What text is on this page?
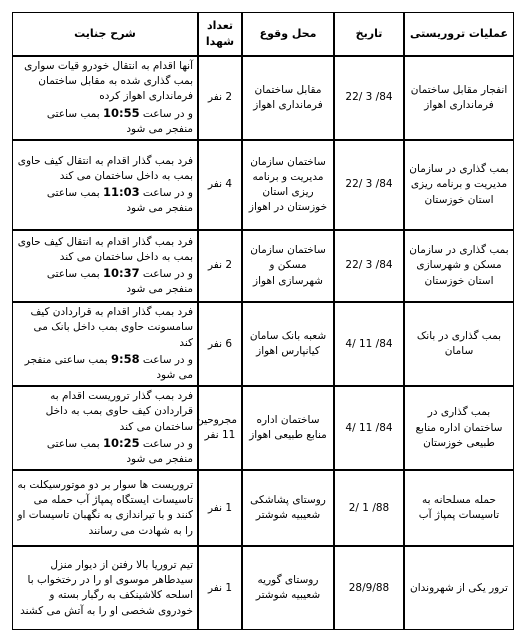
عملیات تروریستی	تاریخ	محل وقوع	تعداد شهدا	شرح جنایت
انفجار مقابل ساختمان فرمانداری اهواز	22/ 3 /84	مقابل ساختمان فرمانداری اهواز	2 نفر	آنها اقدام به انتقال خودرو قیات سواری بمب گذاری شده به مقابل ساختمان فرمانداری اهواز کرده
و در ساعت 10:55 بمب ساعتی منفجر می شود

بمب گذاری در سازمان مدیریت و برنامه ریزی استان خوزستان	22/ 3 /84	ساختمان سازمان مدیریت و برنامه ریزی استان خوزستان در اهواز	4 نفر	فرد بمب گذار اقدام به انتقال کیف حاوی بمب به داخل ساختمان می کند
و در ساعت 11:03 بمب ساعتی منفجر می شود

بمب گذاری در سازمان مسکن و شهرسازی استان خوزستان	22/ 3 /84	ساختمان سازمان مسکن و شهرسازی اهواز	2 نفر	فرد بمب گذار اقدام به انتقال کیف حاوی بمب به داخل ساختمان می کند
و در ساعت 10:37 بمب ساعتی منفجر می شود

بمب گذاری در بانک سامان	4/ 11 /84	شعبه بانک سامان کیانپارس اهواز	6 نفر	فرد بمب گذار اقدام به قراردادن کیف سامسونت حاوی بمب داخل بانک می کند
و در ساعت 9:58 بمب ساعتی منفجر می شود

بمب گذاری در ساختمان اداره منابع طبیعی خوزستان	4/ 11 /84	ساختمان اداره منابع طبیعی اهواز	مجروحین 11 نفر	فرد بمب گذار تروریست اقدام به قراردادن کیف حاوی بمب به داخل ساختمان می کند
و در ساعت 10:25 بمب ساعتی منفجر می شود

حمله مسلحانه به تاسیسات پمپاژ آب	2/ 1 /88	روستای پشاشکی شعیبیه شوشتر	1 نفر	تروریست ها سوار بر دو موتورسیکلت به تاسیسات ایستگاه پمپاژ آب حمله می کنند و با تیراندازی به نگهبان تاسیسات او را به شهادت می رسانند

ترور یکی از شهروندان	28/9/88	روستای گوریه شعیبیه شوشتر	1 نفر	تیم تروریا بالا رفتن از دیوار منزل سیدطاهر موسوی او را در رختخواب با اسلحه کلاشینکف به رگبار بسته و خودروی شخصی او را به آتش می کشند
